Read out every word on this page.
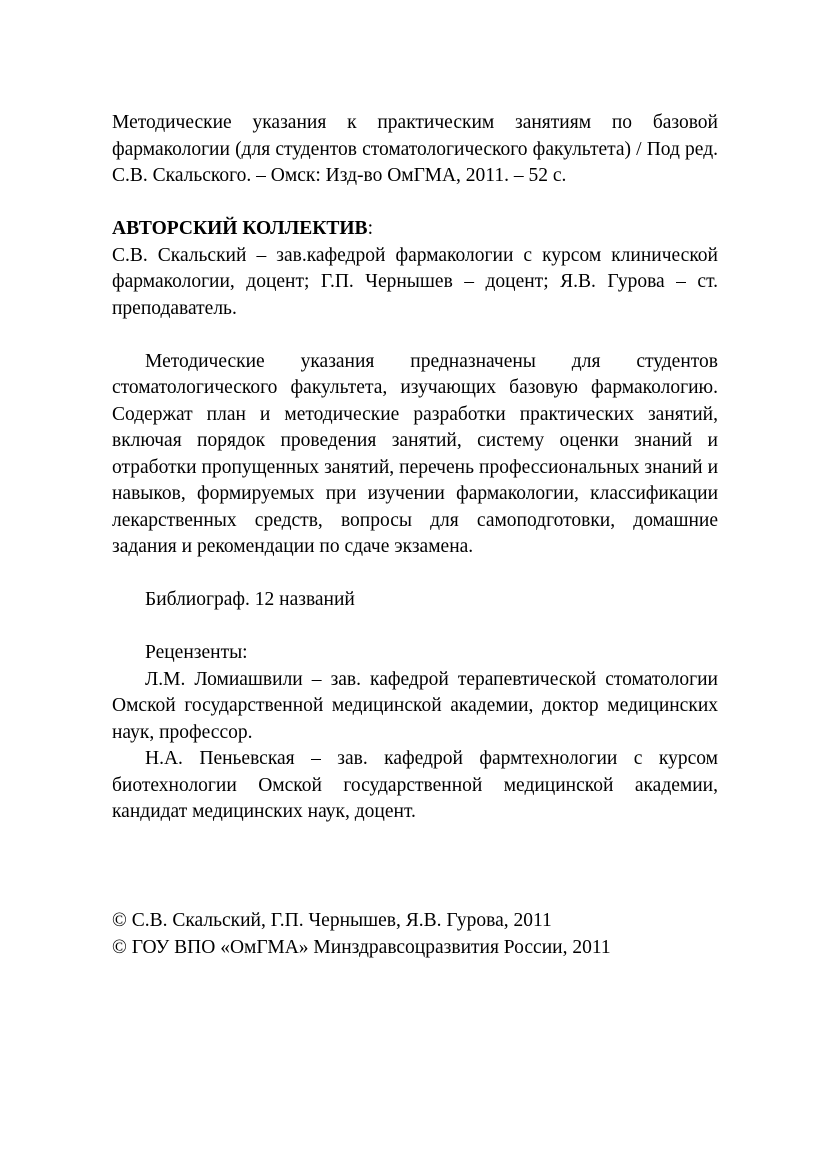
Методические указания к практическим занятиям по базовой фармакологии (для студентов стоматологического факультета) / Под ред. С.В. Скальского. – Омск: Изд-во ОмГМА, 2011. – 52 с.

АВТОРСКИЙ КОЛЛЕКТИВ:

С.В. Скальский – зав.кафедрой фармакологии с курсом клинической фармакологии, доцент; Г.П. Чернышев – доцент; Я.В. Гурова – ст. преподаватель.

Методические указания предназначены для студентов стоматологического факультета, изучающих базовую фармакологию. Содержат план и методические разработки практических занятий, включая порядок проведения занятий, систему оценки знаний и отработки пропущенных занятий, перечень профессиональных знаний и навыков, формируемых при изучении фармакологии, классификации лекарственных средств, вопросы для самоподготовки, домашние задания и рекомендации по сдаче экзамена.

Библиограф. 12 названий

Рецензенты:

Л.М. Ломиашвили – зав. кафедрой терапевтической стоматологии Омской государственной медицинской академии, доктор медицинских наук, профессор.

Н.А. Пеньевская – зав. кафедрой фармтехнологии с курсом биотехнологии Омской государственной медицинской академии, кандидат медицинских наук, доцент.

© С.В. Скальский, Г.П. Чернышев, Я.В. Гурова, 2011

© ГОУ ВПО «ОмГМА» Минздравсоцразвития России, 2011
